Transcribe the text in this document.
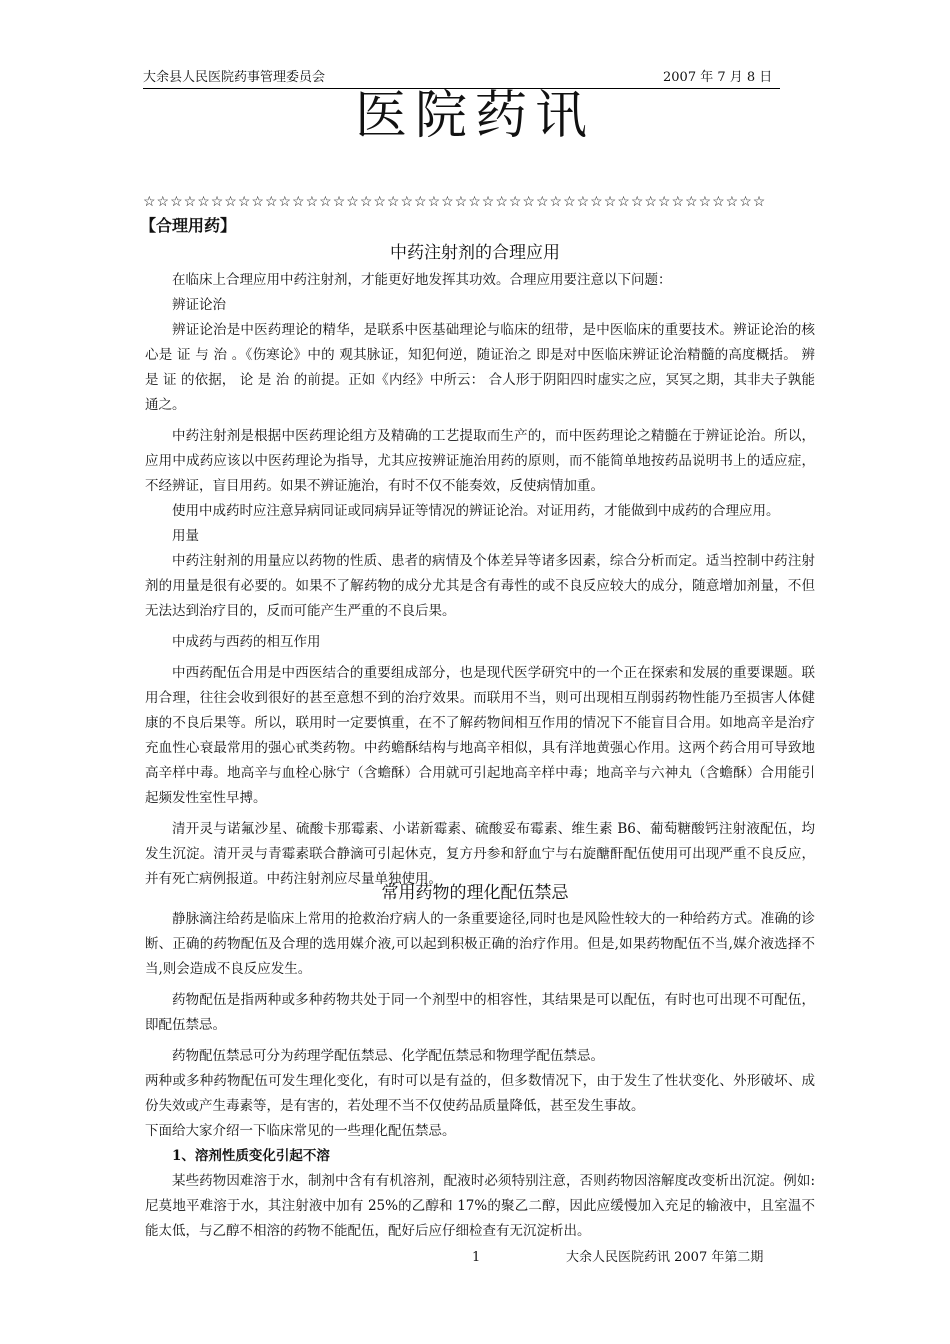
大余县人民医院药事管理委员会	2007 年 7 月 8 日
医院药讯
☆☆☆☆☆☆☆☆☆☆☆☆☆☆☆☆☆☆☆☆☆☆☆☆☆☆☆☆☆☆☆☆☆☆☆☆☆☆☆☆☆☆☆☆☆☆
【合理用药】
中药注射剂的合理应用

在临床上合理应用中药注射剂，才能更好地发挥其功效。合理应用要注意以下问题：

辨证论治

辨证论治是中医药理论的精华，是联系中医基础理论与临床的纽带，是中医临床的重要技术。辨证论治的核心是 证 与 治 。《伤寒论》中的 观其脉证，知犯何逆，随证治之 即是对中医临床辨证论治精髓的高度概括。 辨 是 证 的依据， 论 是 治 的前提。正如《内经》中所云： 合人形于阴阳四时虚实之应，冥冥之期，其非夫子孰能通之。

中药注射剂是根据中医药理论组方及精确的工艺提取而生产的，而中医药理论之精髓在于辨证论治。所以，应用中成药应该以中医药理论为指导，尤其应按辨证施治用药的原则，而不能简单地按药品说明书上的适应症，不经辨证，盲目用药。如果不辨证施治，有时不仅不能奏效，反使病情加重。

使用中成药时应注意异病同证或同病异证等情况的辨证论治。对证用药，才能做到中成药的合理应用。

用量

中药注射剂的用量应以药物的性质、患者的病情及个体差异等诸多因素，综合分析而定。适当控制中药注射剂的用量是很有必要的。如果不了解药物的成分尤其是含有毒性的或不良反应较大的成分，随意增加剂量，不但无法达到治疗目的，反而可能产生严重的不良后果。

中成药与西药的相互作用

中西药配伍合用是中西医结合的重要组成部分，也是现代医学研究中的一个正在探索和发展的重要课题。联用合理，往往会收到很好的甚至意想不到的治疗效果。而联用不当，则可出现相互削弱药物性能乃至损害人体健康的不良后果等。所以，联用时一定要慎重，在不了解药物间相互作用的情况下不能盲目合用。如地高辛是治疗充血性心衰最常用的强心甙类药物。中药蟾酥结构与地高辛相似，具有洋地黄强心作用。这两个药合用可导致地高辛样中毒。地高辛与血栓心脉宁（含蟾酥）合用就可引起地高辛样中毒；地高辛与六神丸（含蟾酥）合用能引起频发性室性早搏。

清开灵与诺氟沙星、硫酸卡那霉素、小诺新霉素、硫酸妥布霉素、维生素 B6、葡萄糖酸钙注射液配伍，均发生沉淀。清开灵与青霉素联合静滴可引起休克，复方丹参和舒血宁与右旋醣酐配伍使用可出现严重不良反应，并有死亡病例报道。中药注射剂应尽量单独使用。

常用药物的理化配伍禁忌

静脉滴注给药是临床上常用的抢救治疗病人的一条重要途径,同时也是风险性较大的一种给药方式。准确的诊断、正确的药物配伍及合理的选用媒介液,可以起到积极正确的治疗作用。但是,如果药物配伍不当,媒介液选择不当,则会造成不良反应发生。

药物配伍是指两种或多种药物共处于同一个剂型中的相容性，其结果是可以配伍，有时也可出现不可配伍，即配伍禁忌。

药物配伍禁忌可分为药理学配伍禁忌、化学配伍禁忌和物理学配伍禁忌。

两种或多种药物配伍可发生理化变化，有时可以是有益的，但多数情况下，由于发生了性状变化、外形破坏、成份失效或产生毒素等，是有害的，若处理不当不仅使药品质量降低，甚至发生事故。

下面给大家介绍一下临床常见的一些理化配伍禁忌。

1、溶剂性质变化引起不溶

某些药物因难溶于水，制剂中含有有机溶剂，配液时必须特别注意，否则药物因溶解度改变析出沉淀。例如: 尼莫地平难溶于水，其注射液中加有 25%的乙醇和 17%的聚乙二醇，因此应缓慢加入充足的输液中，且室温不能太低，与乙醇不相溶的药物不能配伍，配好后应仔细检查有无沉淀析出。

1	大余人民医院药讯 2007 年第二期
